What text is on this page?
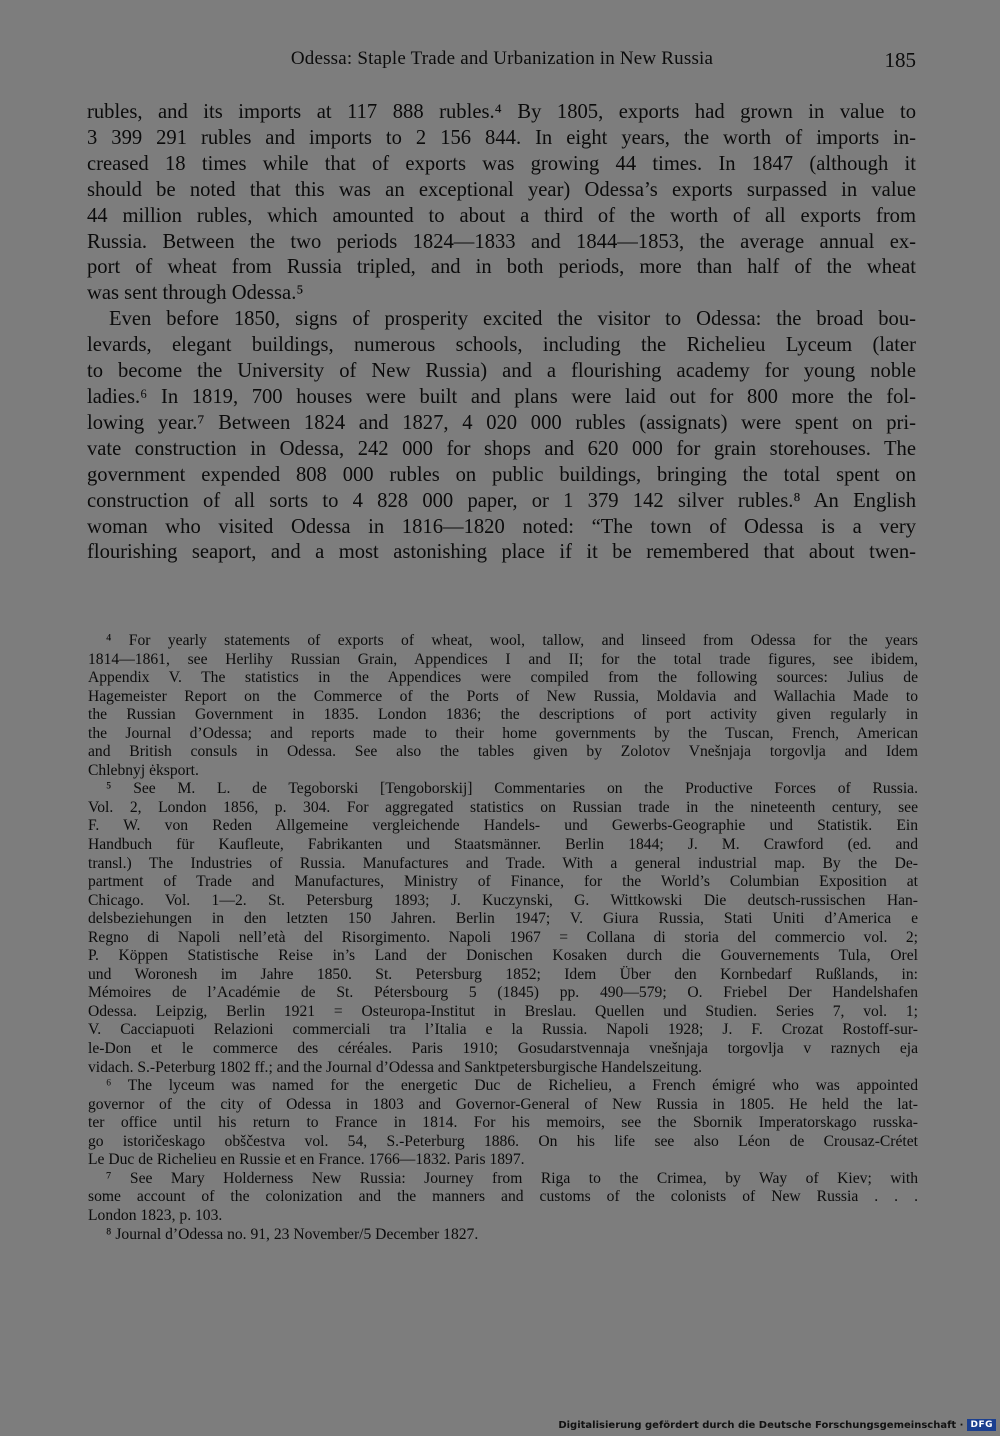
Odessa: Staple Trade and Urbanization in New Russia	185
rubles, and its imports at 117 888 rubles.⁴ By 1805, exports had grown in value to
3 399 291 rubles and imports to 2 156 844. In eight years, the worth of imports in-
creased 18 times while that of exports was growing 44 times. In 1847 (although it
should be noted that this was an exceptional year) Odessa’s exports surpassed in value
44 million rubles, which amounted to about a third of the worth of all exports from
Russia. Between the two periods 1824—1833 and 1844—1853, the average annual ex-
port of wheat from Russia tripled, and in both periods, more than half of the wheat
was sent through Odessa.⁵
Even before 1850, signs of prosperity excited the visitor to Odessa: the broad bou-
levards, elegant buildings, numerous schools, including the Richelieu Lyceum (later
to become the University of New Russia) and a flourishing academy for young noble
ladies.⁶ In 1819, 700 houses were built and plans were laid out for 800 more the fol-
lowing year.⁷ Between 1824 and 1827, 4 020 000 rubles (assignats) were spent on pri-
vate construction in Odessa, 242 000 for shops and 620 000 for grain storehouses. The
government expended 808 000 rubles on public buildings, bringing the total spent on
construction of all sorts to 4 828 000 paper, or 1 379 142 silver rubles.⁸ An English
woman who visited Odessa in 1816—1820 noted: “The town of Odessa is a very
flourishing seaport, and a most astonishing place if it be remembered that about twen-
⁴ For yearly statements of exports of wheat, wool, tallow, and linseed from Odessa for the years
1814—1861, see Herlihy Russian Grain, Appendices I and II; for the total trade figures, see ibidem,
Appendix V. The statistics in the Appendices were compiled from the following sources: Julius de
Hagemeister Report on the Commerce of the Ports of New Russia, Moldavia and Wallachia Made to
the Russian Government in 1835. London 1836; the descriptions of port activity given regularly in
the Journal d’Odessa; and reports made to their home governments by the Tuscan, French, American
and British consuls in Odessa. See also the tables given by Zolotov Vnešnjaja torgovlja and Idem
Chlebnyj ėksport.
⁵ See M. L. de Tegoborski [Tengoborskij] Commentaries on the Productive Forces of Russia.
Vol. 2, London 1856, p. 304. For aggregated statistics on Russian trade in the nineteenth century, see
F. W. von Reden Allgemeine vergleichende Handels- und Gewerbs-Geographie und Statistik. Ein
Handbuch für Kaufleute, Fabrikanten und Staatsmänner. Berlin 1844; J. M. Crawford (ed. and
transl.) The Industries of Russia. Manufactures and Trade. With a general industrial map. By the De-
partment of Trade and Manufactures, Ministry of Finance, for the World’s Columbian Exposition at
Chicago. Vol. 1—2. St. Petersburg 1893; J. Kuczynski, G. Wittkowski Die deutsch-russischen Han-
delsbeziehungen in den letzten 150 Jahren. Berlin 1947; V. Giura Russia, Stati Uniti d’America e
Regno di Napoli nell’età del Risorgimento. Napoli 1967 = Collana di storia del commercio vol. 2;
P. Köppen Statistische Reise in’s Land der Donischen Kosaken durch die Gouvernements Tula, Orel
und Woronesh im Jahre 1850. St. Petersburg 1852; Idem Über den Kornbedarf Rußlands, in:
Mémoires de l’Académie de St. Pétersbourg 5 (1845) pp. 490—579; O. Friebel Der Handelshafen
Odessa. Leipzig, Berlin 1921 = Osteuropa-Institut in Breslau. Quellen und Studien. Series 7, vol. 1;
V. Cacciapuoti Relazioni commerciali tra l’Italia e la Russia. Napoli 1928; J. F. Crozat Rostoff-sur-
le-Don et le commerce des céréales. Paris 1910; Gosudarstvennaja vnešnjaja torgovlja v raznych eja
vidach. S.-Peterburg 1802 ff.; and the Journal d’Odessa and Sanktpetersburgische Handelszeitung.
⁶ The lyceum was named for the energetic Duc de Richelieu, a French émigré who was appointed
governor of the city of Odessa in 1803 and Governor-General of New Russia in 1805. He held the lat-
ter office until his return to France in 1814. For his memoirs, see the Sbornik Imperatorskago russka-
go istoričeskago obščestva vol. 54, S.-Peterburg 1886. On his life see also Léon de Crousaz-Crétet
Le Duc de Richelieu en Russie et en France. 1766—1832. Paris 1897.
⁷ See Mary Holderness New Russia: Journey from Riga to the Crimea, by Way of Kiev; with
some account of the colonization and the manners and customs of the colonists of New Russia . . .
London 1823, p. 103.
⁸ Journal d’Odessa no. 91, 23 November/5 December 1827.
Digitalisierung gefördert durch die Deutsche Forschungsgemeinschaft · DFG
